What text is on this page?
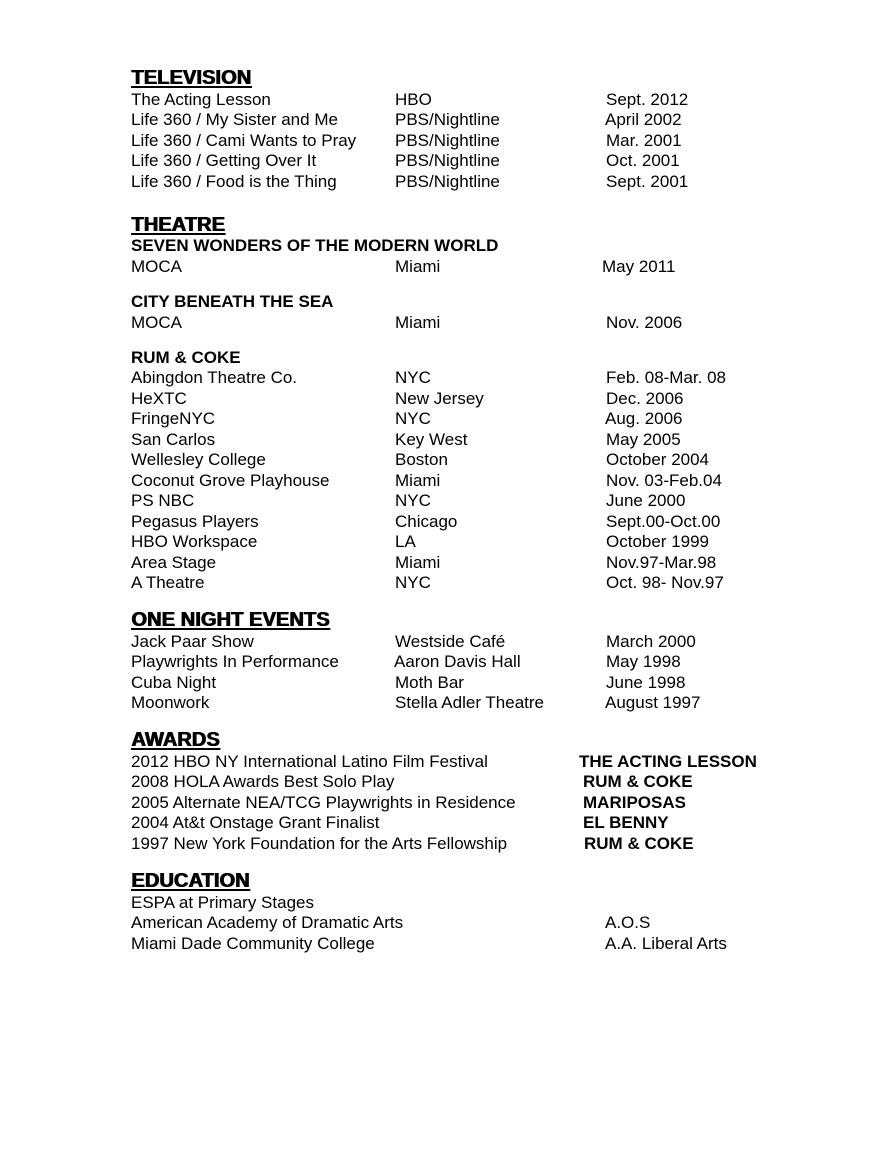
TELEVISION
The Acting Lesson	HBO	Sept. 2012
Life 360 / My Sister and Me	PBS/Nightline	April 2002
Life 360 / Cami Wants to Pray PBS/Nightline	Mar. 2001
Life 360 / Getting Over It	PBS/Nightline	Oct. 2001
Life 360 / Food is the Thing	PBS/Nightline	Sept. 2001
THEATRE
SEVEN WONDERS OF THE MODERN WORLD
MOCA	Miami	May 2011
CITY BENEATH THE SEA
MOCA	Miami	Nov. 2006
RUM & COKE
Abingdon Theatre Co.	NYC	Feb. 08-Mar. 08
HeXTC	New Jersey	Dec. 2006
FringeNYC	NYC	Aug. 2006
San Carlos	Key West	May 2005
Wellesley College	Boston	October 2004
Coconut Grove Playhouse	Miami	Nov. 03-Feb.04
PS NBC	NYC	June 2000
Pegasus Players	Chicago	Sept.00-Oct.00
HBO Workspace	LA	October 1999
Area Stage	Miami	Nov.97-Mar.98
A Theatre	NYC	Oct. 98- Nov.97
ONE NIGHT EVENTS
Jack Paar Show	Westside Café	March 2000
Playwrights In Performance	Aaron Davis Hall	May 1998
Cuba Night	Moth Bar	June 1998
Moonwork	Stella Adler Theatre	August 1997
AWARDS
2012 HBO NY International Latino Film Festival	THE ACTING LESSON
2008 HOLA Awards Best Solo Play	RUM & COKE
2005 Alternate NEA/TCG Playwrights in Residence	MARIPOSAS
2004 At&t Onstage Grant Finalist	EL BENNY
1997 New York Foundation for the Arts Fellowship	RUM & COKE
EDUCATION
ESPA at Primary Stages
American Academy of Dramatic Arts	A.O.S
Miami Dade Community College	A.A. Liberal Arts
